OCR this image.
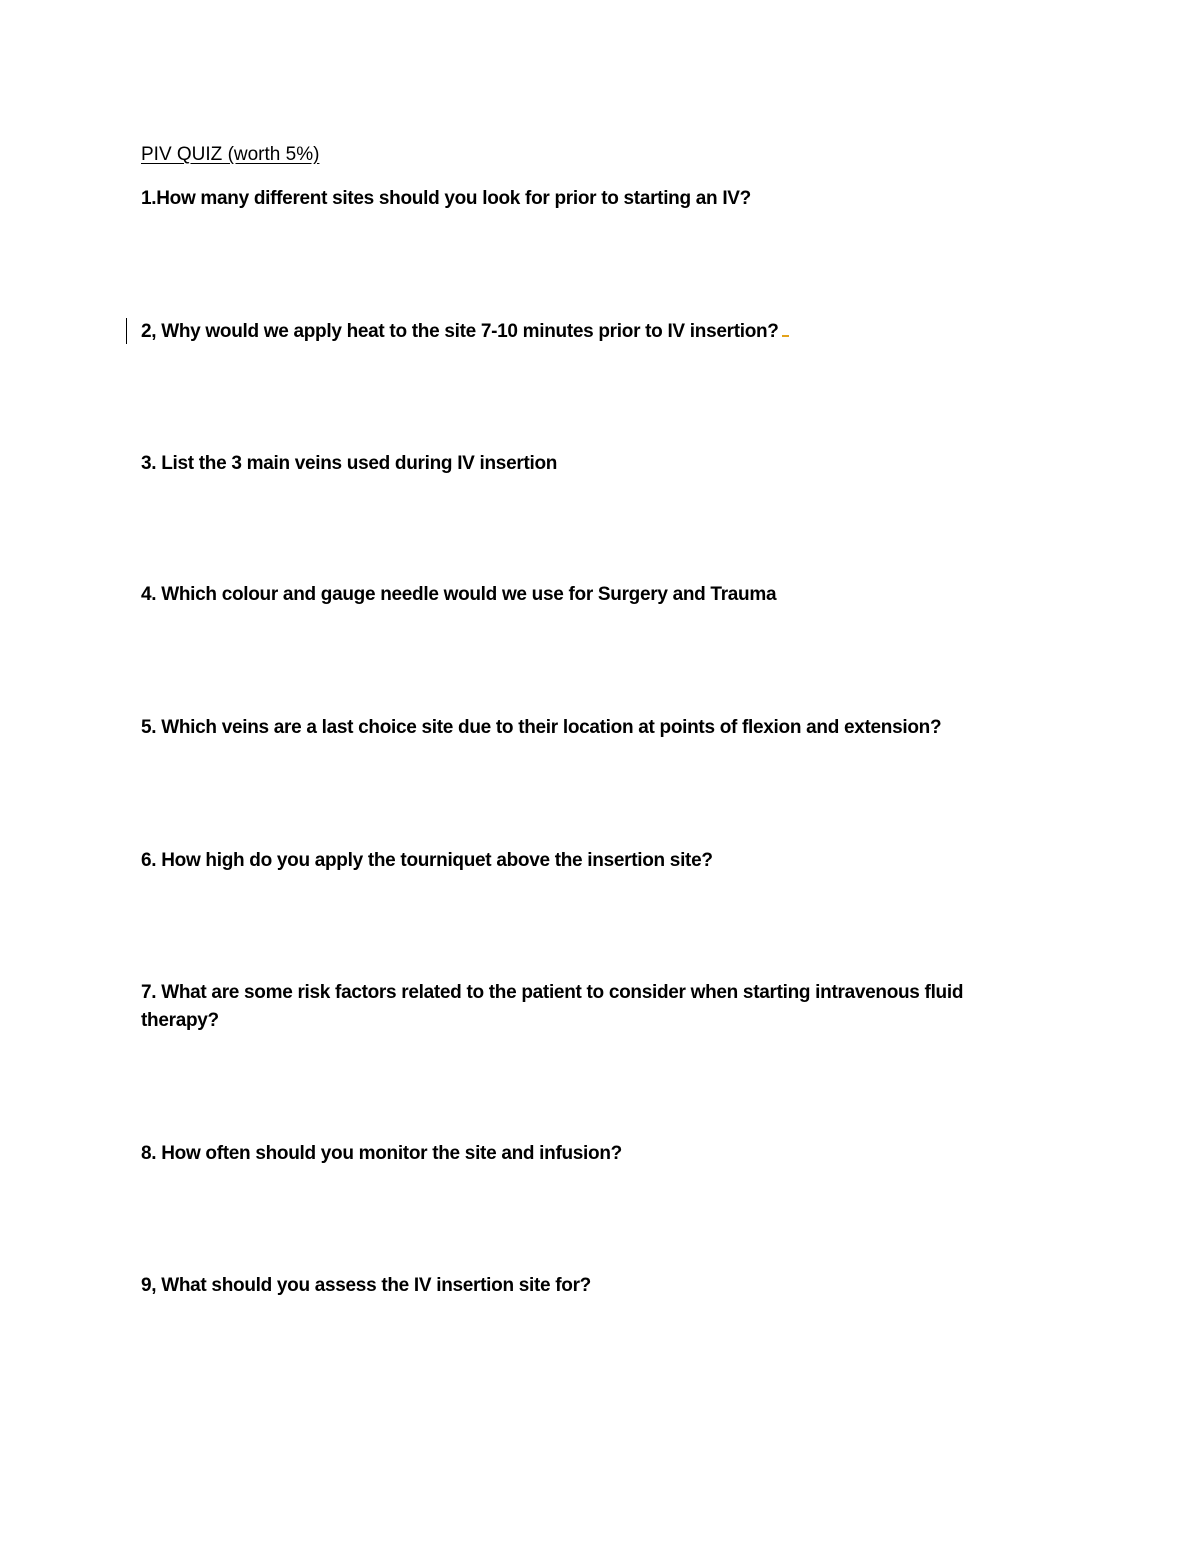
PIV QUIZ (worth 5%)
1.How many different sites should you look for prior to starting an IV?
2, Why would we apply heat to the site 7-10 minutes prior to IV insertion?
3. List the 3 main veins used during IV insertion
4. Which colour and gauge needle would we use for Surgery and Trauma
5. Which veins are a last choice site due to their location at points of flexion and extension?
6. How high do you apply the tourniquet above the insertion site?
7. What are some risk factors related to the patient to consider when starting intravenous fluid therapy?
8. How often should you monitor the site and infusion?
9, What should you assess the IV insertion site for?
